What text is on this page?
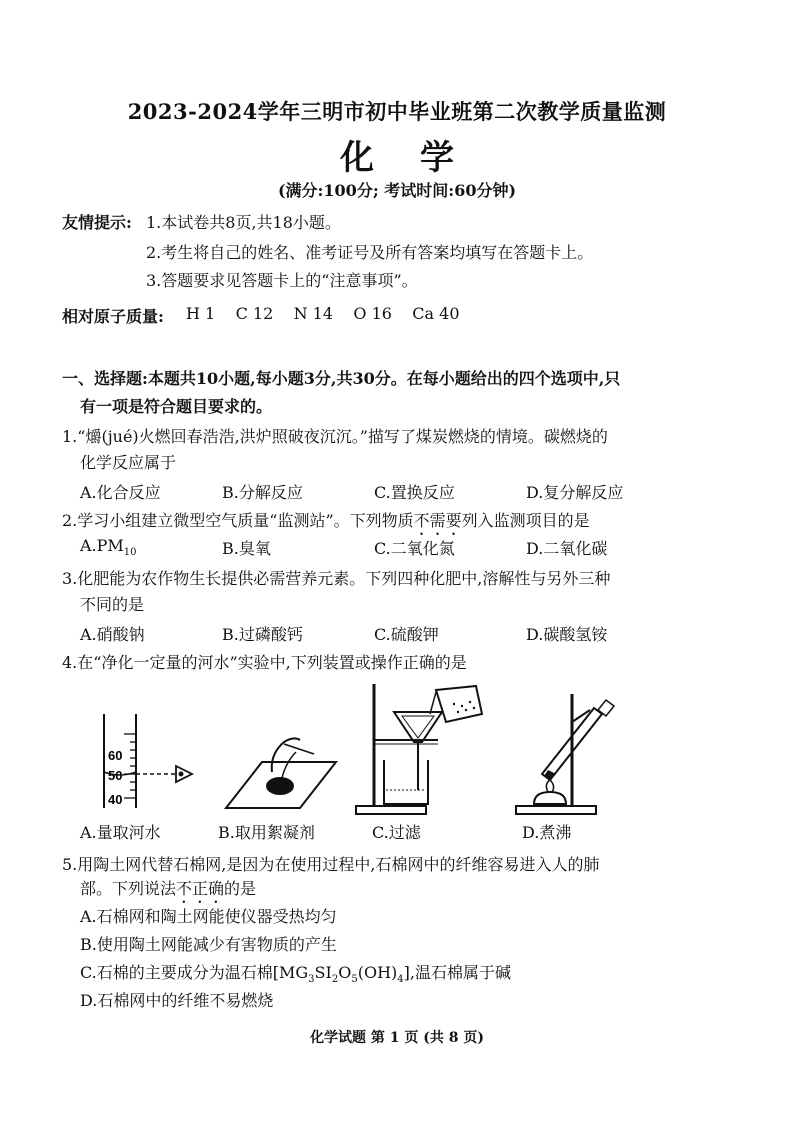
2023-2024学年三明市初中毕业班第二次教学质量监测
化学
(满分:100分; 考试时间:60分钟)
友情提示: 1.本试卷共8页,共18小题。
2.考生将自己的姓名、准考证号及所有答案均填写在答题卡上。
3.答题要求见答题卡上的“注意事项”。
相对原子质量: H 1    C 12    N 14    O 16    Ca 40
一、选择题:本题共10小题,每小题3分,共30分。在每小题给出的四个选项中,只
有一项是符合题目要求的。
1.“爝(jué)火燃回春浩浩,洪炉照破夜沉沉。”描写了煤炭燃烧的情境。碳燃烧的
化学反应属于
A.化合反应	B.分解反应	C.置换反应	D.复分解反应
2.学习小组建立微型空气质量“监测站”。下列物质不需要列入监测项目的是
$A.PM_{10}$	B.臭氧	C.二氧化氮	D.二氧化碳
3.化肥能为农作物生长提供必需营养元素。下列四种化肥中,溶解性与另外三种
不同的是
A.硝酸钠	B.过磷酸钙	C.硫酸钾	D.碳酸氢铵
4.在“净化一定量的河水”实验中,下列装置或操作正确的是
60
50
40
A.量取河水	B.取用絮凝剂	C.过滤	D.煮沸
5.用陶土网代替石棉网,是因为在使用过程中,石棉网中的纤维容易进入人的肺
部。下列说法不正确的是
A.石棉网和陶土网能使仪器受热均匀
B.使用陶土网能减少有害物质的产生
C.石棉的主要成分为温石棉$[MG_3SI_2O_5(OH)_4]$,温石棉属于碱
D.石棉网中的纤维不易燃烧
化学试题 第 1 页 (共 8 页)
